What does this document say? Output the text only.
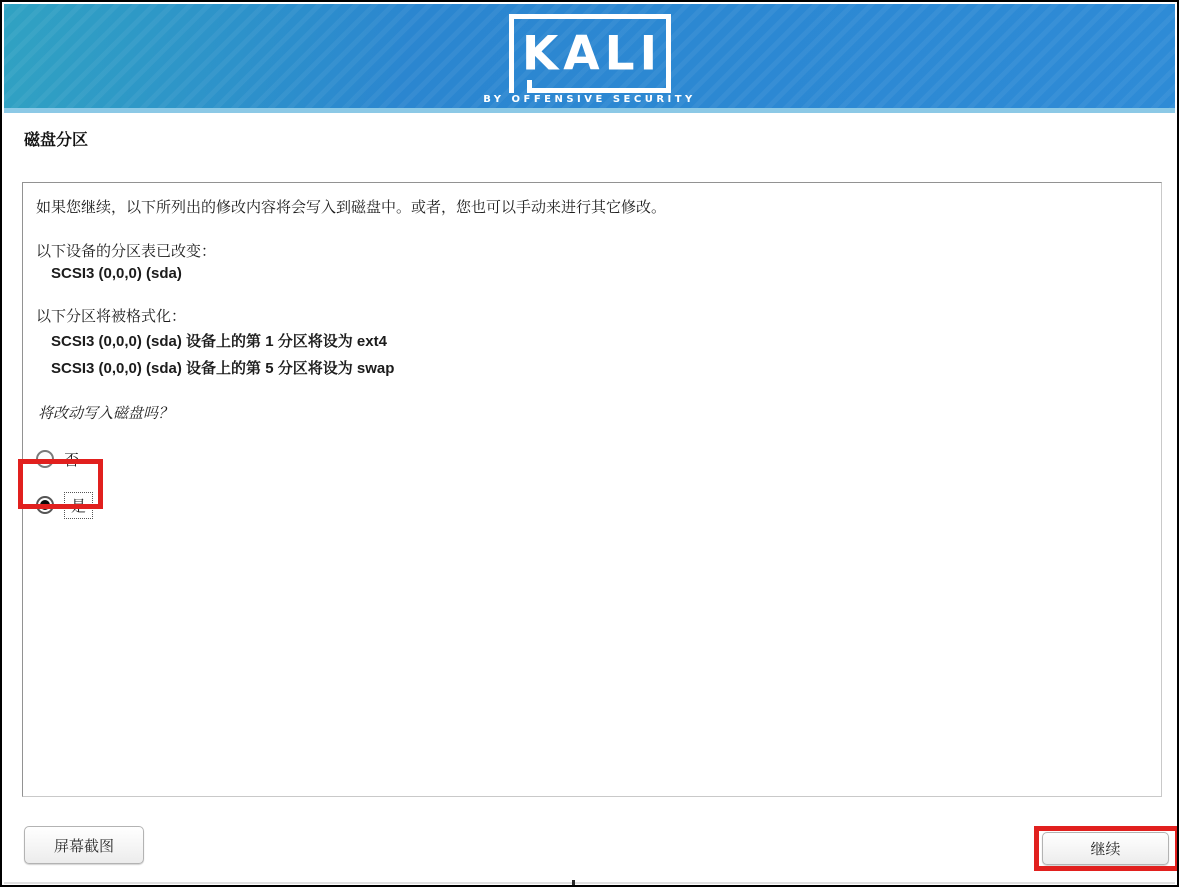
KALI
BY OFFENSIVE SECURITY
磁盘分区

如果您继续，以下所列出的修改内容将会写入到磁盘中。或者，您也可以手动来进行其它修改。

以下设备的分区表已改变：
SCSI3 (0,0,0) (sda)
以下分区将被格式化：
SCSI3 (0,0,0) (sda) 设备上的第 1 分区将设为 ext4
SCSI3 (0,0,0) (sda) 设备上的第 5 分区将设为 swap

将改动写入磁盘吗？

否
是
屏幕截图	继续
